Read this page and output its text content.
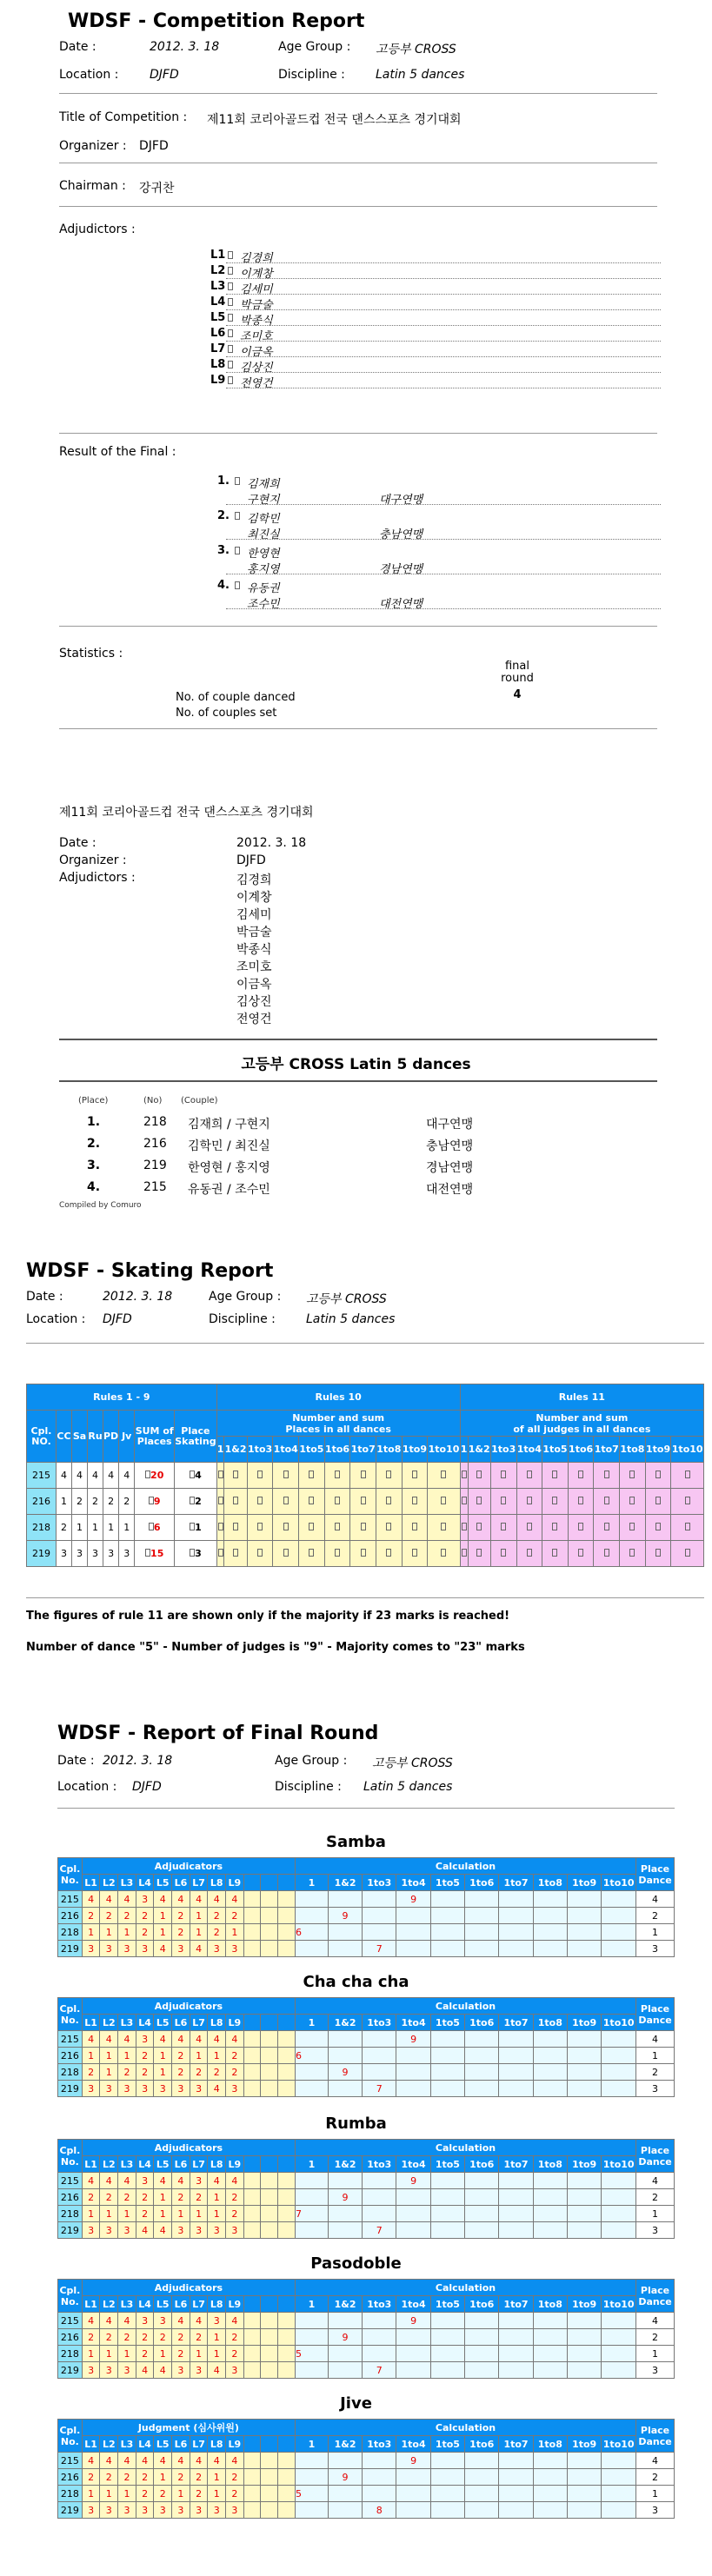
WDSF - Competition Report
Date :	2012. 3. 18	Age Group : 고등부 CROSS
Location :	DJFD	Discipline :	Latin 5 dances
Title of Competition : 제11회 코리아골드컵 전국 댄스스포츠 경기대회
Organizer : DJFD
Chairman : 강귀찬
Adjudictors :
L1 김경희
L2 이계창
L3 김세미
L4 박금술
L5 박종식
L6 조미호
L7 이금옥
L8 김상진
L9 전영건
Result of the Final :
1. 김재희
구현지	대구연맹
2. 김학민
최진실	충남연맹
3. 한영현
홍지영	경남연맹
4. 유동권
조수민	대전연맹
Statistics :
final
round
4
No. of couple danced
No. of couples set
제11회 코리아골드컵 전국 댄스스포츠 경기대회
Date :	2012. 3. 18
Organizer :	DJFD
Adjudictors :	김경희
이계창
김세미
박금술
박종식
조미호
이금옥
김상진
전영건
고등부 CROSS Latin 5 dances
(Place)	(No) (Couple)
1.	218 김재희 / 구현지	대구연맹
2.	216 김학민 / 최진실	충남연맹
3.	219 한영현 / 홍지영	경남연맹
4.	215 유동권 / 조수민	대전연맹
Compiled by Comuro
WDSF - Skating Report
Date :	2012. 3. 18	Age Group : 고등부 CROSS
Location : DJFD	Discipline :	Latin 5 dances
Rules 1 - 9								Rules 10										Rules 11									
Cpl.
NO.	CC	Sa	Ru	PD	Jv	SUM of
Places	Place
Skating	Number and sum
Places in all dances										Number and sum
of all judges in all dances									
								1	1&2	1to3	1to4	1to5	1to6	1to7	1to8	1to9	1to10	1	1&2	1to3	1to4	1to5	1to6	1to7	1to8	1to9	1to10
215	4	4	4	4	4	20	4																				
216	1	2	2	2	2	9	2																				
218	2	1	1	1	1	6	1																				
219	3	3	3	3	3	15	3																				
The figures of rule 11 are shown only if the majority if 23 marks is reached!
Number of dance "5" - Number of judges is "9" - Majority comes to "23" marks
WDSF - Report of Final Round
Date : 2012. 3. 18	Age Group : 고등부 CROSS
Location : DJFD	Discipline : Latin 5 dances
Samba
Cpl.
No.	Adjudicators												Calculation										Place
Dance
	L1	L2	L3	L4	L5	L6	L7	L8	L9				1	1&2	1to3	1to4	1to5	1to6	1to7	1to8	1to9	1to10	
215	4	4	4	3	4	4	4	4	4							9							4
216	2	2	2	2	1	2	1	2	2					9									2
218	1	1	1	2	1	2	1	2	1				6										1
219	3	3	3	3	4	3	4	3	3						7								3
Cha cha cha
Cpl.
No.	Adjudicators												Calculation										Place
Dance
	L1	L2	L3	L4	L5	L6	L7	L8	L9				1	1&2	1to3	1to4	1to5	1to6	1to7	1to8	1to9	1to10	
215	4	4	4	3	4	4	4	4	4							9							4
216	1	1	1	2	1	2	1	1	2				6										1
218	2	1	2	2	1	2	2	2	2					9									2
219	3	3	3	3	3	3	3	4	3						7								3
Rumba
Cpl.
No.	Adjudicators												Calculation										Place
Dance
	L1	L2	L3	L4	L5	L6	L7	L8	L9				1	1&2	1to3	1to4	1to5	1to6	1to7	1to8	1to9	1to10	
215	4	4	4	3	4	4	3	4	4							9							4
216	2	2	2	2	1	2	2	1	2					9									2
218	1	1	1	2	1	1	1	1	2				7										1
219	3	3	3	4	4	3	3	3	3						7								3
Pasodoble
Cpl.
No.	Adjudicators												Calculation										Place
Dance
	L1	L2	L3	L4	L5	L6	L7	L8	L9				1	1&2	1to3	1to4	1to5	1to6	1to7	1to8	1to9	1to10	
215	4	4	4	3	3	4	4	3	4							9							4
216	2	2	2	2	2	2	2	1	2					9									2
218	1	1	1	2	1	2	1	1	2				5										1
219	3	3	3	4	4	3	3	4	3						7								3
Jive
Cpl.
No.	Judgment (심사위원)												Calculation										Place
Dance
	L1	L2	L3	L4	L5	L6	L7	L8	L9				1	1&2	1to3	1to4	1to5	1to6	1to7	1to8	1to9	1to10	
215	4	4	4	4	4	4	4	4	4							9							4
216	2	2	2	2	1	2	2	1	2					9									2
218	1	1	1	2	2	1	2	1	2				5										1
219	3	3	3	3	3	3	3	3	3						8								3
